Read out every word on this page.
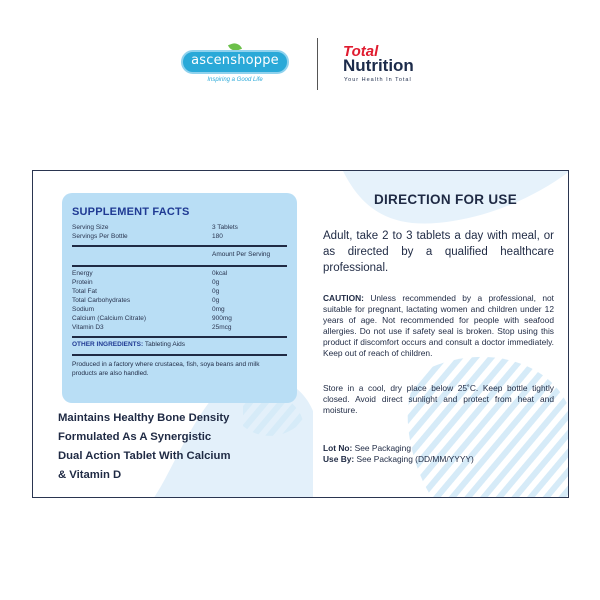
ascenshoppe
Inspiring a Good Life
Total
Nutrition
Your Health In Total
SUPPLEMENT FACTS
Serving Size	3 Tablets
Servings Per Bottle	180
Amount Per Serving
Energy	0kcal
Protein	0g
Total Fat	0g
Total Carbohydrates	0g
Sodium	0mg
Calcium (Calcium Citrate)	900mg
Vitamin D3	25mcg
OTHER INGREDIENTS: Tableting Aids
Produced in a factory where crustacea, fish, soya beans and milk products are also handled.
Maintains Healthy Bone Density
Formulated As A Synergistic
Dual Action Tablet With Calcium
& Vitamin D
DIRECTION FOR USE
Adult, take 2 to 3 tablets a day with meal, or as directed by a qualified healthcare professional.
CAUTION: Unless recommended by a professional, not suitable for pregnant, lactating women and children under 12 years of age. Not recommended for people with seafood allergies. Do not use if safety seal is broken. Stop using this product if discomfort occurs and consult a doctor immediately. Keep out of reach of children.
Store in a cool, dry place below 25˚C. Keep bottle tightly closed. Avoid direct sunlight and protect from heat and moisture.
Lot No: See Packaging
Use By: See Packaging (DD/MM/YYYY)
